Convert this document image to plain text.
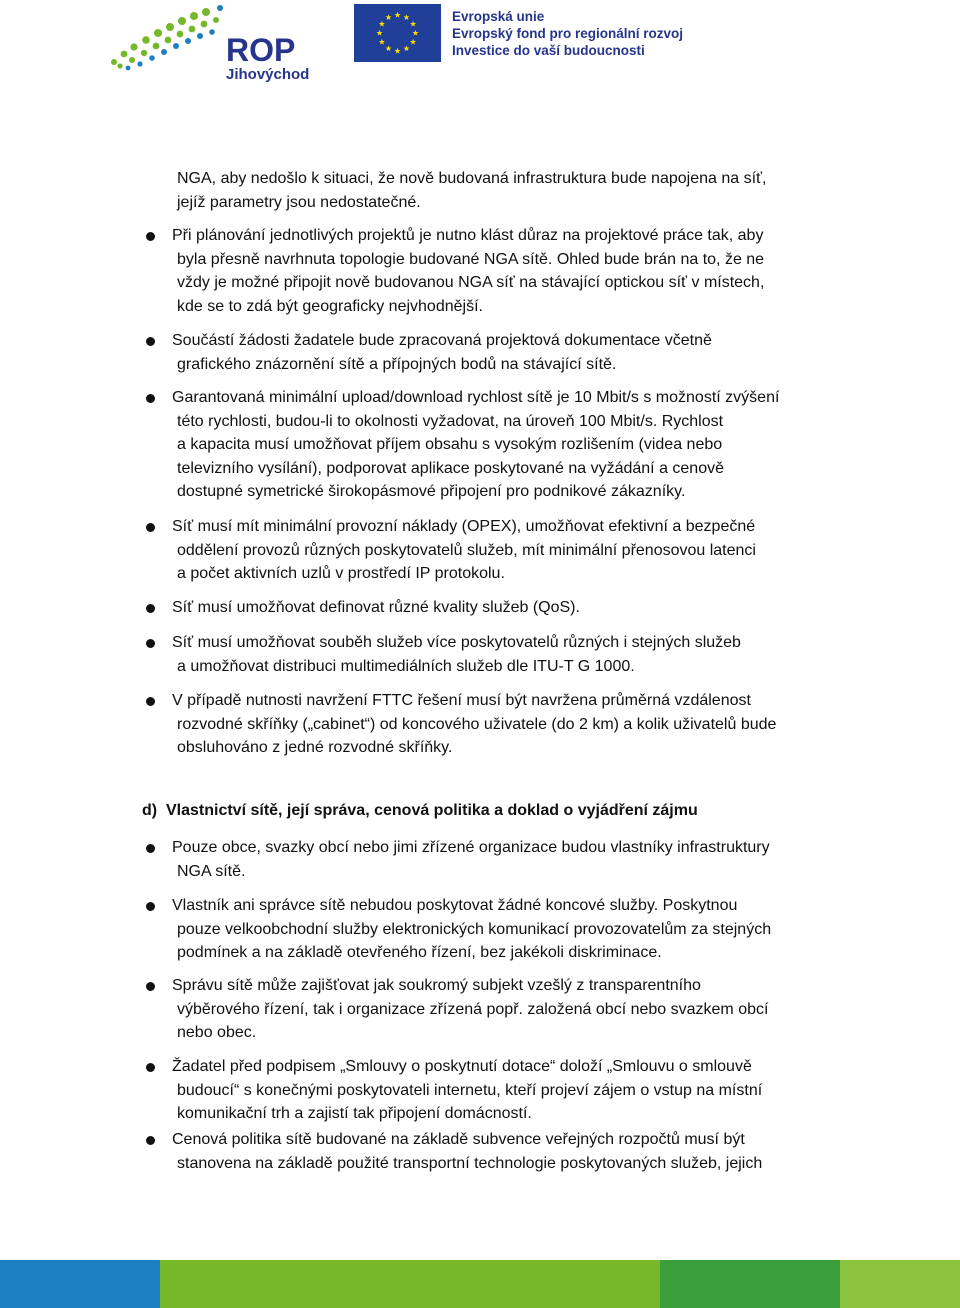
ROP
Jihovýchod
Evropská unie
Evropský fond pro regionální rozvoj
Investice do vaší budoucnosti
NGA, aby nedošlo k situaci, že nově budovaná infrastruktura bude napojena na síť,
jejíž parametry jsou nedostatečné.
Při plánování jednotlivých projektů je nutno klást důraz na projektové práce tak, aby
byla přesně navrhnuta topologie budované NGA sítě. Ohled bude brán na to, že ne
vždy je možné připojit nově budovanou NGA síť na stávající optickou síť v místech,
kde se to zdá být geograficky nejvhodnější.
Součástí žádosti žadatele bude zpracovaná projektová dokumentace včetně
grafického znázornění sítě a přípojných bodů na stávající sítě.
Garantovaná minimální upload/download rychlost sítě je 10 Mbit/s s možností zvýšení
této rychlosti, budou-li to okolnosti vyžadovat, na úroveň 100 Mbit/s. Rychlost
a kapacita musí umožňovat příjem obsahu s vysokým rozlišením (videa nebo
televizního vysílání), podporovat aplikace poskytované na vyžádání a cenově
dostupné symetrické širokopásmové připojení pro podnikové zákazníky.
Síť musí mít minimální provozní náklady (OPEX), umožňovat efektivní a bezpečné
oddělení provozů různých poskytovatelů služeb, mít minimální přenosovou latenci
a počet aktivních uzlů v prostředí IP protokolu.
Síť musí umožňovat definovat různé kvality služeb (QoS).
Síť musí umožňovat souběh služeb více poskytovatelů různých i stejných služeb
a umožňovat distribuci multimediálních služeb dle ITU-T G 1000.
V případě nutnosti navržení FTTC řešení musí být navržena průměrná vzdálenost
rozvodné skříňky („cabinet“) od koncového uživatele (do 2 km) a kolik uživatelů bude
obsluhováno z jedné rozvodné skříňky.
d)  Vlastnictví sítě, její správa, cenová politika a doklad o vyjádření zájmu
Pouze obce, svazky obcí nebo jimi zřízené organizace budou vlastníky infrastruktury
NGA sítě.
Vlastník ani správce sítě nebudou poskytovat žádné koncové služby. Poskytnou
pouze velkoobchodní služby elektronických komunikací provozovatelům za stejných
podmínek a na základě otevřeného řízení, bez jakékoli diskriminace.
Správu sítě může zajišťovat jak soukromý subjekt vzešlý z transparentního
výběrového řízení, tak i organizace zřízená popř. založená obcí nebo svazkem obcí
nebo obec.
Žadatel před podpisem „Smlouvy o poskytnutí dotace“ doloží „Smlouvu o smlouvě
budoucí“ s konečnými poskytovateli internetu, kteří projeví zájem o vstup na místní
komunikační trh a zajistí tak připojení domácností.
Cenová politika sítě budované na základě subvence veřejných rozpočtů musí být
stanovena na základě použité transportní technologie poskytovaných služeb, jejich
